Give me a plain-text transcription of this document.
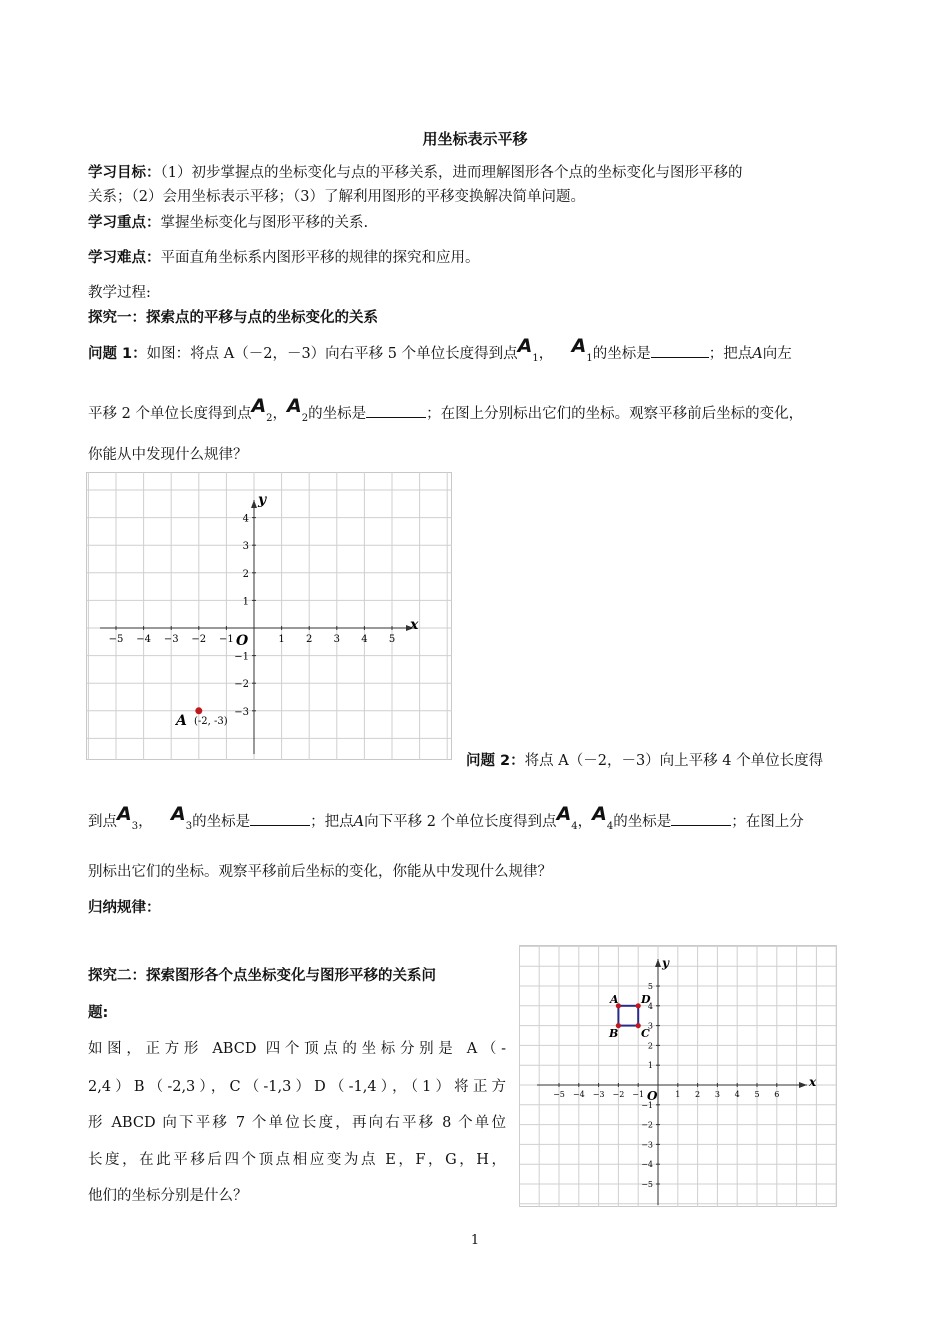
用坐标表示平移
学习目标：（1）初步掌握点的坐标变化与点的平移关系，进而理解图形各个点的坐标变化与图形平移的
关系；（2）会用坐标表示平移；（3）了解利用图形的平移变换解决简单问题。
学习重点：掌握坐标变化与图形平移的关系.
学习难点：平面直角坐标系内图形平移的规律的探究和应用。
教学过程:
探究一：探索点的平移与点的坐标变化的关系
问题 1：如图：将点 A（－2，－3）向右平移 5 个单位长度得到点$A_1$， $A_1$的坐标是	；把点A向左
平移 2 个单位长度得到点$A_2$，$A_2$的坐标是	；在图上分别标出它们的坐标。观察平移前后坐标的变化，
你能从中发现什么规律？
−5 −4 −3 −2 −1	1 2 3 4 5
4
3
2
1
−1
−2
−3
x
y
O
A (-2, -3)
问题 2：将点 A（－2，－3）向上平移 4 个单位长度得
到点$A_3$， $A_3$的坐标是	；把点A向下平移 2 个单位长度得到点$A_4$，$A_4$的坐标是	；在图上分
别标出它们的坐标。观察平移前后坐标的变化，你能从中发现什么规律？
归纳规律：
探究二：探索图形各个点坐标变化与图形平移的关系问
题:
如图，正方形 ABCD 四个顶点的坐标分别是 A（-
2,4）B（-2,3），C（-1,3）D（-1,4），（1）将正方
形 ABCD 向下平移 7 个单位长度，再向右平移 8 个单位
长度，在此平移后四个顶点相应变为点 E，F，G，H，
他们的坐标分别是什么？
−5 −4 −3 −2 −1	1 2 3 4 5 6
5
4
3
2
1
−1
−2
−3
−4
−5
x
y
O
A
B C
D
1
